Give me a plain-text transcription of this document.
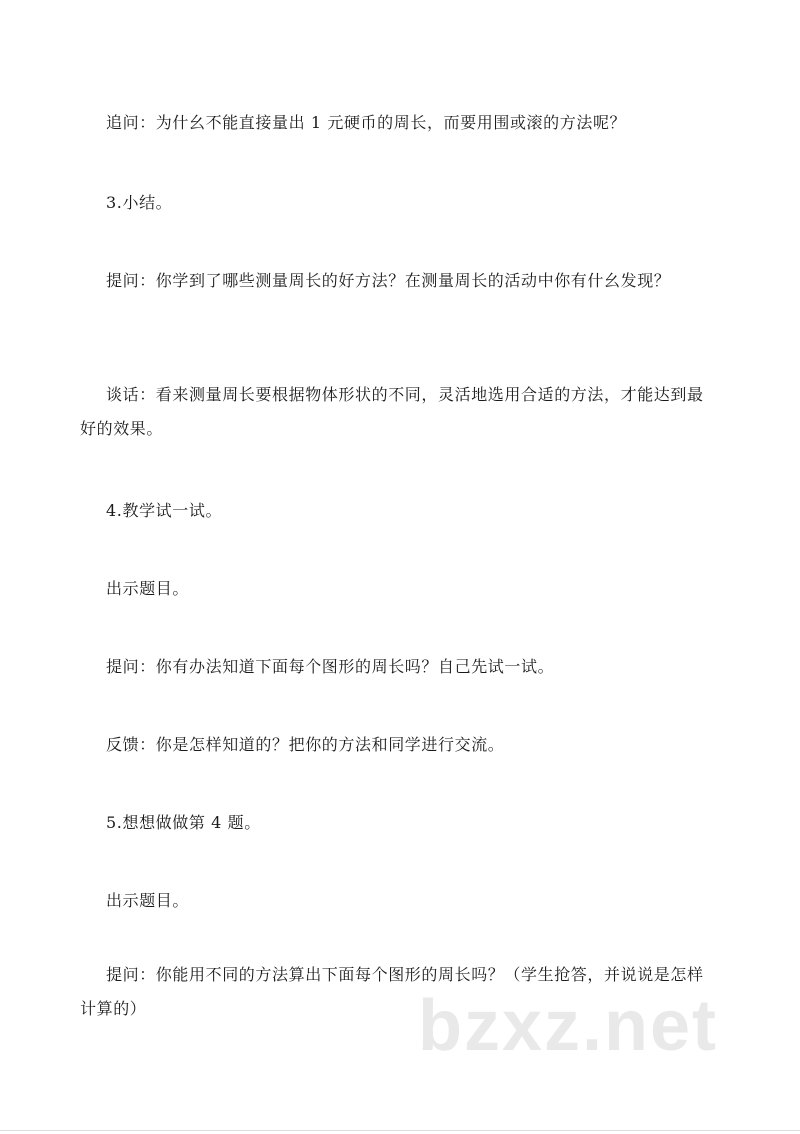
追问：为什幺不能直接量出 1 元硬币的周长，而要用围或滚的方法呢？

3.小结。

提问：你学到了哪些测量周长的好方法？在测量周长的活动中你有什幺发现？

谈话：看来测量周长要根据物体形状的不同，灵活地选用合适的方法，才能达到最好的效果。

4.教学试一试。

出示题目。

提问：你有办法知道下面每个图形的周长吗？自己先试一试。

反馈：你是怎样知道的？把你的方法和同学进行交流。

5.想想做做第 4 题。

出示题目。

提问：你能用不同的方法算出下面每个图形的周长吗？（学生抢答，并说说是怎样计算的）	bzxz.net
